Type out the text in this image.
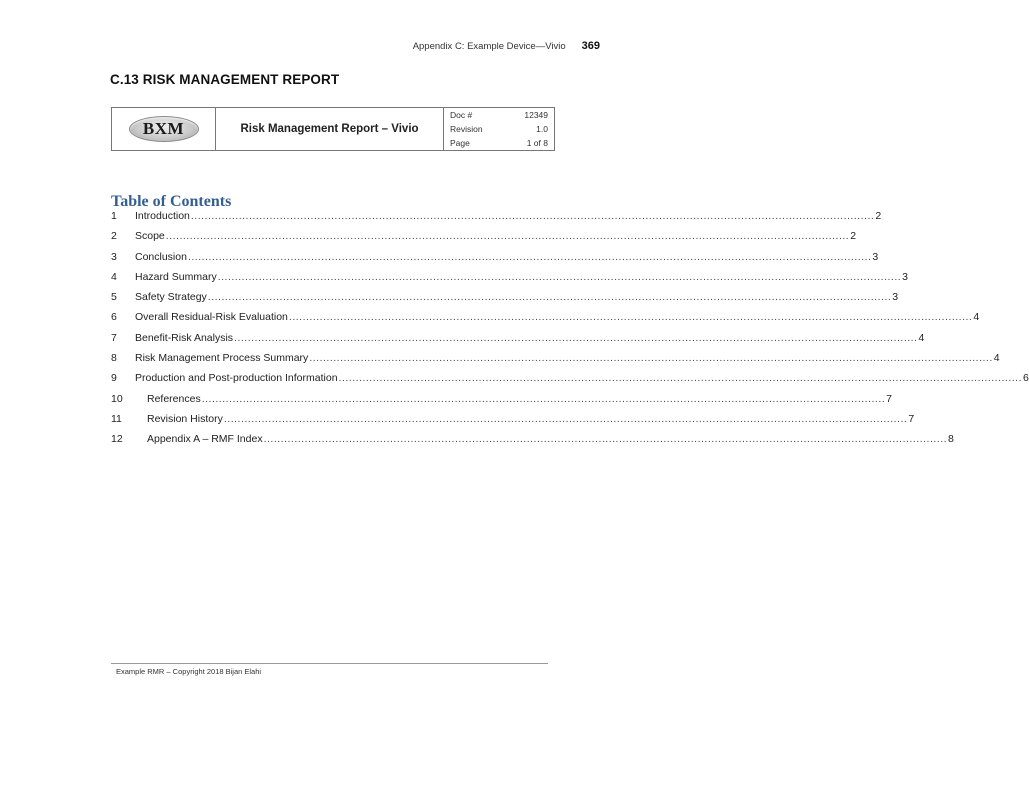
Appendix C: Example Device—Vivio 369
C.13 RISK MANAGEMENT REPORT
BXM	Risk Management Report – Vivio
Doc #	12349
Revision	1.0
Page	1 of 8
Table of Contents
1	Introduction ........................................................................................................................................................................................................ 2
2	Scope ........................................................................................................................................................................................................ 2
3	Conclusion ........................................................................................................................................................................................................ 3
4	Hazard Summary ........................................................................................................................................................................................................ 3
5	Safety Strategy ........................................................................................................................................................................................................ 3
6	Overall Residual-Risk Evaluation ........................................................................................................................................................................................................ 4
7	Benefit-Risk Analysis ........................................................................................................................................................................................................ 4
8	Risk Management Process Summary ........................................................................................................................................................................................................ 4
9	Production and Post-production Information ........................................................................................................................................................................................................ 6
10	References ........................................................................................................................................................................................................ 7
11	Revision History ........................................................................................................................................................................................................ 7
12	Appendix A – RMF Index ........................................................................................................................................................................................................ 8
Example RMR – Copyright 2018 Bijan Elahi
